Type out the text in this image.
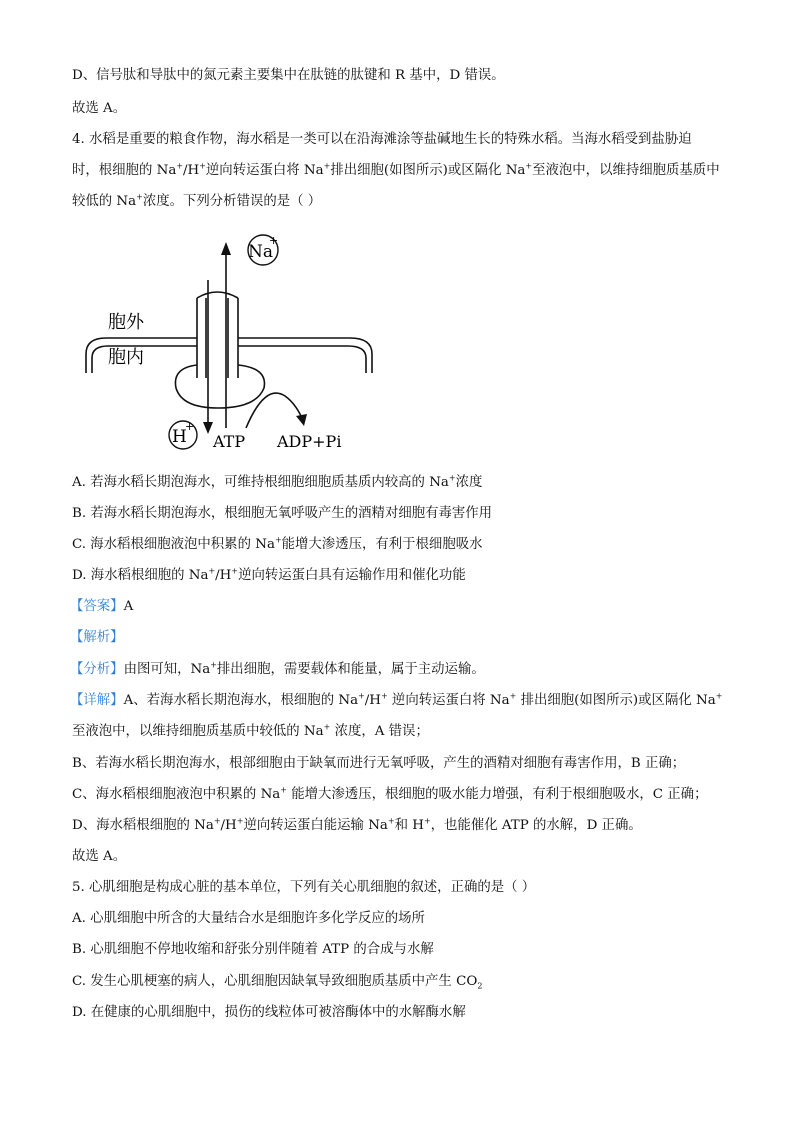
D、信号肽和导肽中的氮元素主要集中在肽链的肽键和 R 基中，D 错误。
故选 A。
4. 水稻是重要的粮食作物，海水稻是一类可以在沿海滩涂等盐碱地生长的特殊水稻。当海水稻受到盐胁迫
时，根细胞的 Na+/H+逆向转运蛋白将 Na+排出细胞(如图所示)或区隔化 Na+至液泡中，以维持细胞质基质中
较低的 Na+浓度。下列分析错误的是（ ）
Na
+
H
+
胞外
胞内
ATP ADP+Pi
A. 若海水稻长期泡海水，可维持根细胞细胞质基质内较高的 Na+浓度
B. 若海水稻长期泡海水，根细胞无氧呼吸产生的酒精对细胞有毒害作用
C. 海水稻根细胞液泡中积累的 Na+能增大渗透压，有利于根细胞吸水
D. 海水稻根细胞的 Na+/H+逆向转运蛋白具有运输作用和催化功能
【答案】A
【解析】
【分析】由图可知，Na+排出细胞，需要载体和能量，属于主动运输。
【详解】A、若海水稻长期泡海水，根细胞的 Na+/H+ 逆向转运蛋白将 Na+ 排出细胞(如图所示)或区隔化 Na+
至液泡中，以维持细胞质基质中较低的 Na+ 浓度，A 错误；
B、若海水稻长期泡海水，根部细胞由于缺氧而进行无氧呼吸，产生的酒精对细胞有毒害作用，B 正确；
C、海水稻根细胞液泡中积累的 Na+ 能增大渗透压，根细胞的吸水能力增强，有利于根细胞吸水，C 正确；
D、海水稻根细胞的 Na+/H+逆向转运蛋白能运输 Na+和 H+，也能催化 ATP 的水解，D 正确。
故选 A。
5. 心肌细胞是构成心脏的基本单位，下列有关心肌细胞的叙述，正确的是（ ）
A. 心肌细胞中所含的大量结合水是细胞许多化学反应的场所
B. 心肌细胞不停地收缩和舒张分别伴随着 ATP 的合成与水解
C. 发生心肌梗塞的病人，心肌细胞因缺氧导致细胞质基质中产生 $CO_2$
D. 在健康的心肌细胞中，损伤的线粒体可被溶酶体中的水解酶水解
